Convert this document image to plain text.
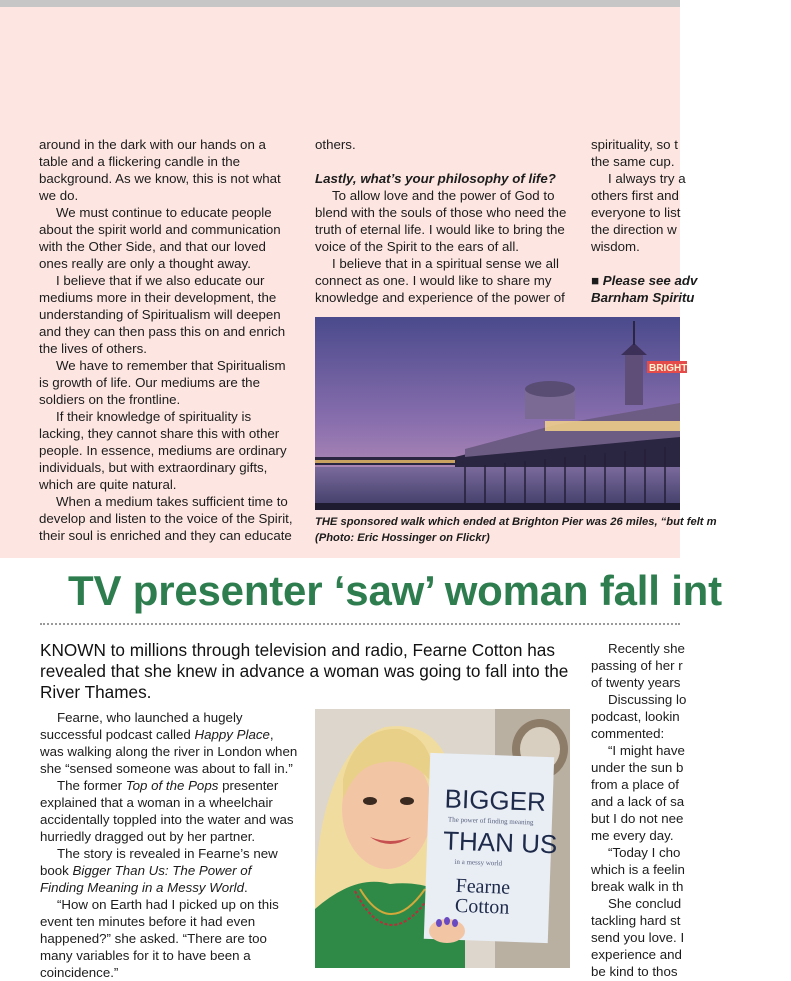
around in the dark with our hands on a table and a flickering candle in the background. As we know, this is not what we do.

We must continue to educate people about the spirit world and communication with the Other Side, and that our loved ones really are only a thought away.

I believe that if we also educate our mediums more in their development, the understanding of Spiritualism will deepen and they can then pass this on and enrich the lives of others.

We have to remember that Spiritualism is growth of life. Our mediums are the soldiers on the frontline.

If their knowledge of spirituality is lacking, they cannot share this with other people. In essence, mediums are ordinary individuals, but with extraordinary gifts, which are quite natural.

When a medium takes sufficient time to develop and listen to the voice of the Spirit, their soul is enriched and they can educate

others.

Lastly, what’s your philosophy of life?

To allow love and the power of God to blend with the souls of those who need the truth of eternal life. I would like to bring the voice of the Spirit to the ears of all.

I believe that in a spiritual sense we all connect as one. I would like to share my knowledge and experience of the power of

spirituality, so t

the same cup.

I always try a

others first and

everyone to list

the direction w

wisdom.

■ Please see adv

Barnham Spiritu

BRIGHT
THE sponsored walk which ended at Brighton Pier was 26 miles, “but felt m
(Photo: Eric Hossinger on Flickr)
TV presenter ‘saw’ woman fall int
KNOWN to millions through television and radio, Fearne Cotton has revealed that she knew in advance a woman was going to fall into the River Thames.

Fearne, who launched a hugely successful podcast called Happy Place, was walking along the river in London when she “sensed someone was about to fall in.”

The former Top of the Pops presenter explained that a woman in a wheelchair accidentally toppled into the water and was hurriedly dragged out by her partner.

The story is revealed in Fearne’s new book Bigger Than Us: The Power of Finding Meaning in a Messy World.

“How on Earth had I picked up on this event ten minutes before it had even happened?” she asked. “There are too many variables for it to have been a

coincidence.”

BIGGER
The power of finding meaning
THAN US
in a messy world
Fearne
Cotton

Recently she

passing of her r

of twenty years

Discussing lo

podcast, lookin

commented:

“I might have

under the sun b

from a place of

and a lack of sa

but I do not nee

me every day.

“Today I cho

which is a feelin

break walk in th

She conclud

tackling hard st

send you love. I

experience and

be kind to thos
